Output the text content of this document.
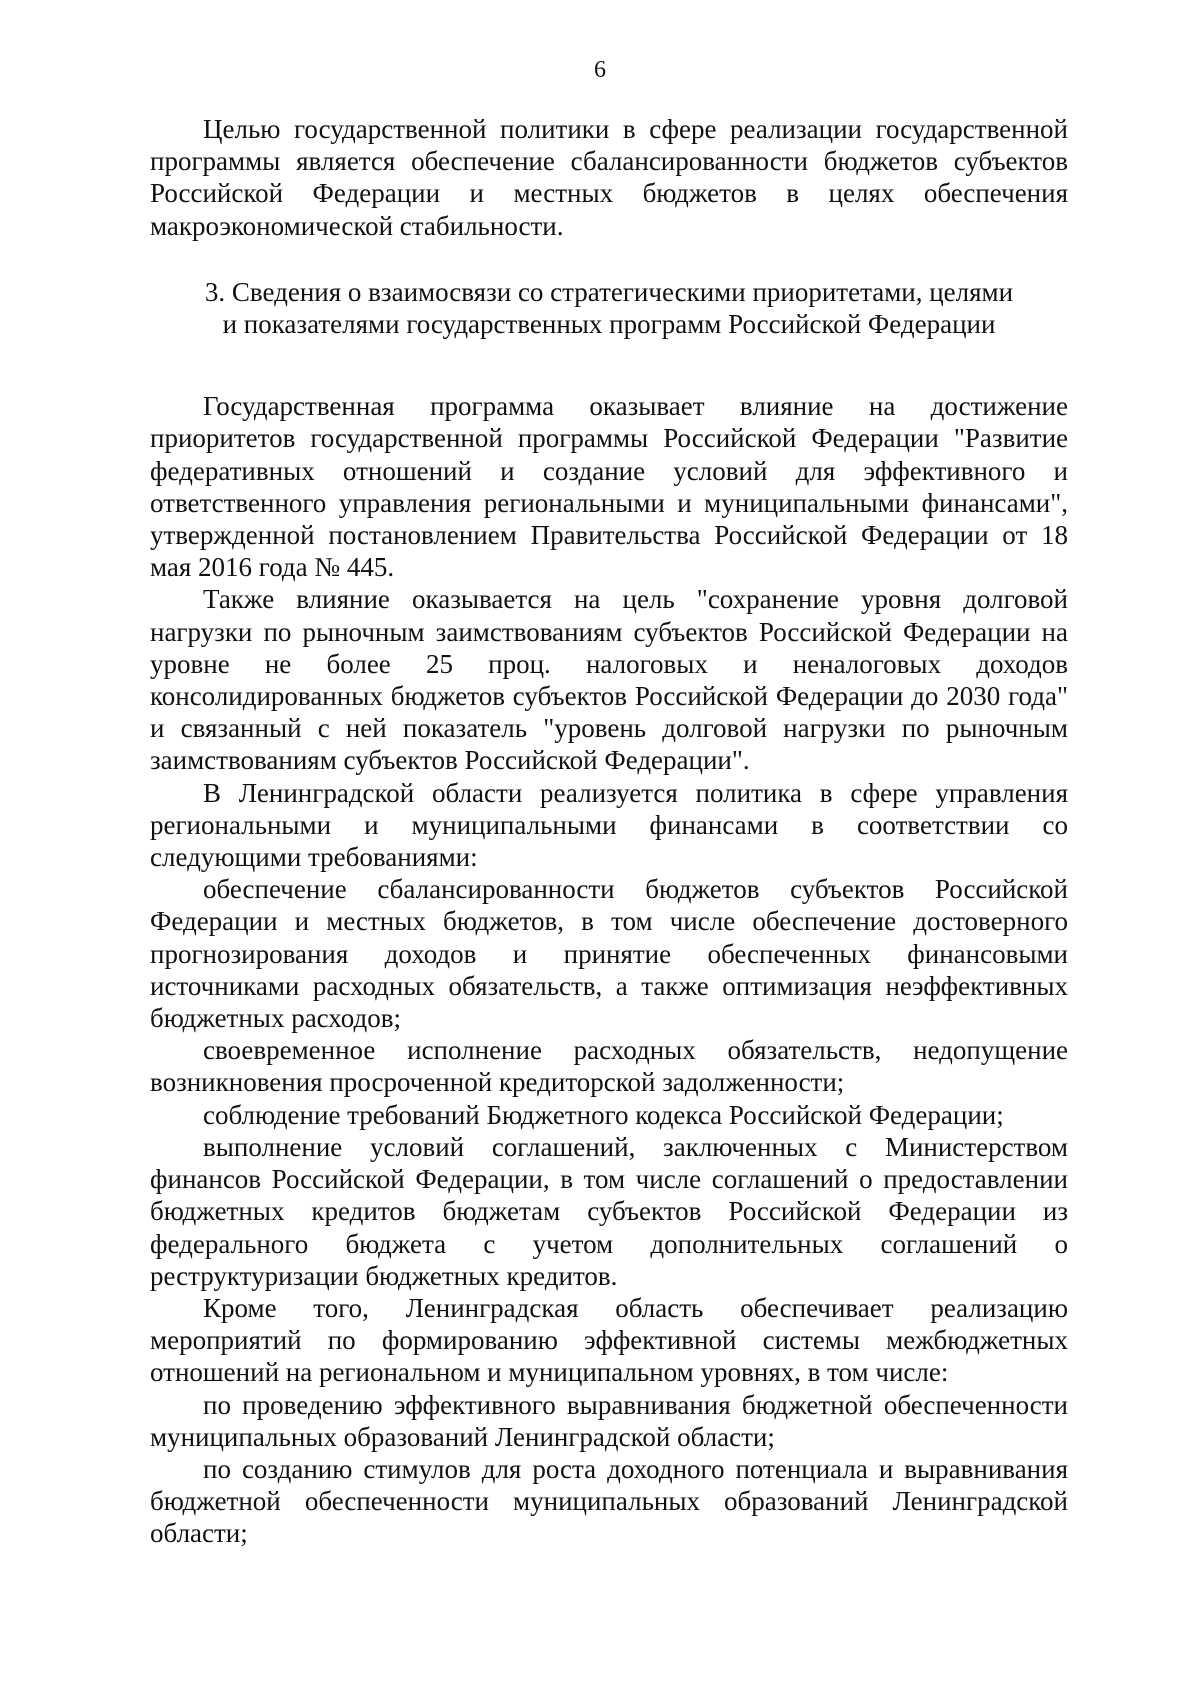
6

Целью государственной политики в сфере реализации государственной программы является обеспечение сбалансированности бюджетов субъектов Российской Федерации и местных бюджетов в целях обеспечения макроэкономической стабильности.

3. Сведения о взаимосвязи со стратегическими приоритетами, целями
и показателями государственных программ Российской Федерации

Государственная программа оказывает влияние на достижение приоритетов государственной программы Российской Федерации "Развитие федеративных отношений и создание условий для эффективного и ответственного управления региональными и муниципальными финансами", утвержденной постановлением Правительства Российской Федерации от 18 мая 2016 года № 445.

Также влияние оказывается на цель "сохранение уровня долговой нагрузки по рыночным заимствованиям субъектов Российской Федерации на уровне не более 25 проц. налоговых и неналоговых доходов консолидированных бюджетов субъектов Российской Федерации до 2030 года" и связанный с ней показатель "уровень долговой нагрузки по рыночным заимствованиям субъектов Российской Федерации".

В Ленинградской области реализуется политика в сфере управления региональными и муниципальными финансами в соответствии со следующими требованиями:

обеспечение сбалансированности бюджетов субъектов Российской Федерации и местных бюджетов, в том числе обеспечение достоверного прогнозирования доходов и принятие обеспеченных финансовыми источниками расходных обязательств, а также оптимизация неэффективных бюджетных расходов;

своевременное исполнение расходных обязательств, недопущение возникновения просроченной кредиторской задолженности;

соблюдение требований Бюджетного кодекса Российской Федерации;

выполнение условий соглашений, заключенных с Министерством финансов Российской Федерации, в том числе соглашений о предоставлении бюджетных кредитов бюджетам субъектов Российской Федерации из федерального бюджета с учетом дополнительных соглашений о реструктуризации бюджетных кредитов.

Кроме того, Ленинградская область обеспечивает реализацию мероприятий по формированию эффективной системы межбюджетных отношений на региональном и муниципальном уровнях, в том числе:

по проведению эффективного выравнивания бюджетной обеспеченности муниципальных образований Ленинградской области;

по созданию стимулов для роста доходного потенциала и выравнивания бюджетной обеспеченности муниципальных образований Ленинградской области;
